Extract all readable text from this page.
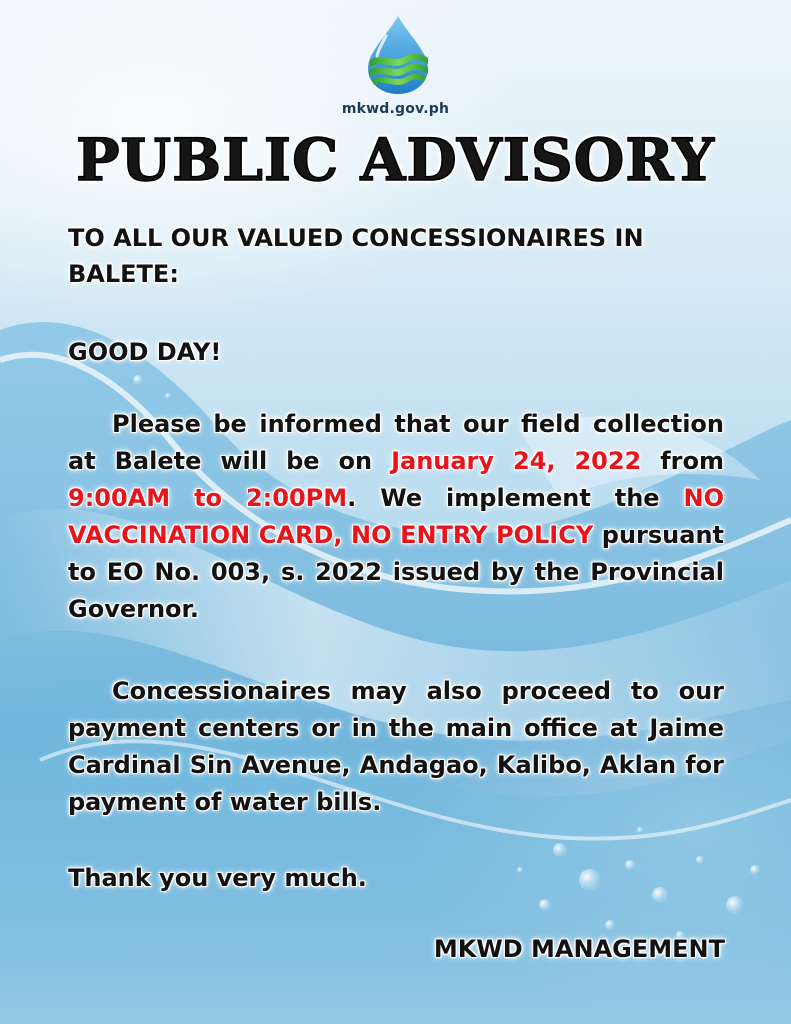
mkwd.gov.ph
PUBLIC ADVISORY
TO ALL OUR VALUED CONCESSIONAIRES IN BALETE:
GOOD DAY!
Please be informed that our field collection at Balete will be on January 24, 2022 from 9:00AM to 2:00PM. We implement the NO VACCINATION CARD, NO ENTRY POLICY pursuant to EO No. 003, s. 2022 issued by the Provincial Governor.
Concessionaires may also proceed to our payment centers or in the main office at Jaime Cardinal Sin Avenue, Andagao, Kalibo, Aklan for payment of water bills.
Thank you very much.
MKWD MANAGEMENT
